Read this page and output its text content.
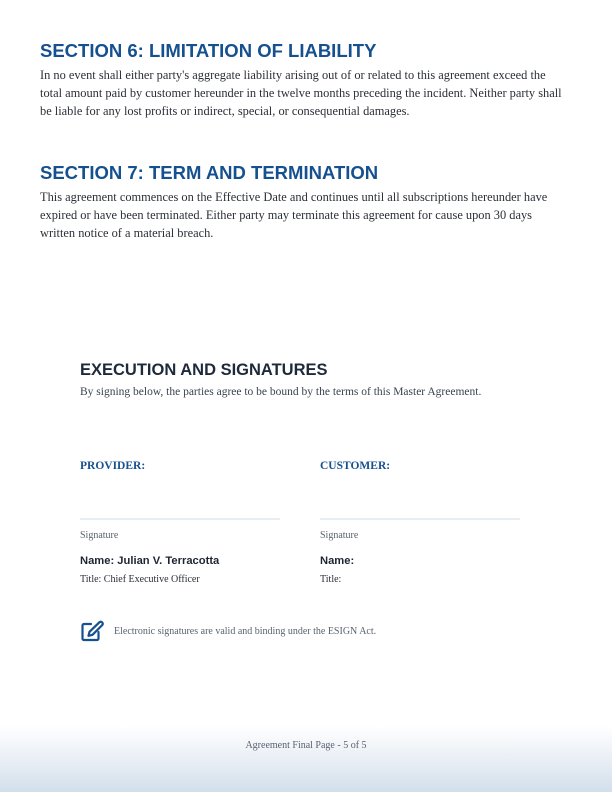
SECTION 6: LIMITATION OF LIABILITY

In no event shall either party's aggregate liability arising out of or related to this agreement exceed the total amount paid by customer hereunder in the twelve months preceding the incident. Neither party shall be liable for any lost profits or indirect, special, or consequential damages.

SECTION 7: TERM AND TERMINATION

This agreement commences on the Effective Date and continues until all subscriptions hereunder have expired or have been terminated. Either party may terminate this agreement for cause upon 30 days written notice of a material breach.

EXECUTION AND SIGNATURES

By signing below, the parties agree to be bound by the terms of this Master Agreement.

PROVIDER:
Signature
Name: Julian V. Terracotta
Title: Chief Executive Officer
CUSTOMER:
Signature
Name:
Title:
Electronic signatures are valid and binding under the ESIGN Act.
Agreement Final Page - 5 of 5
